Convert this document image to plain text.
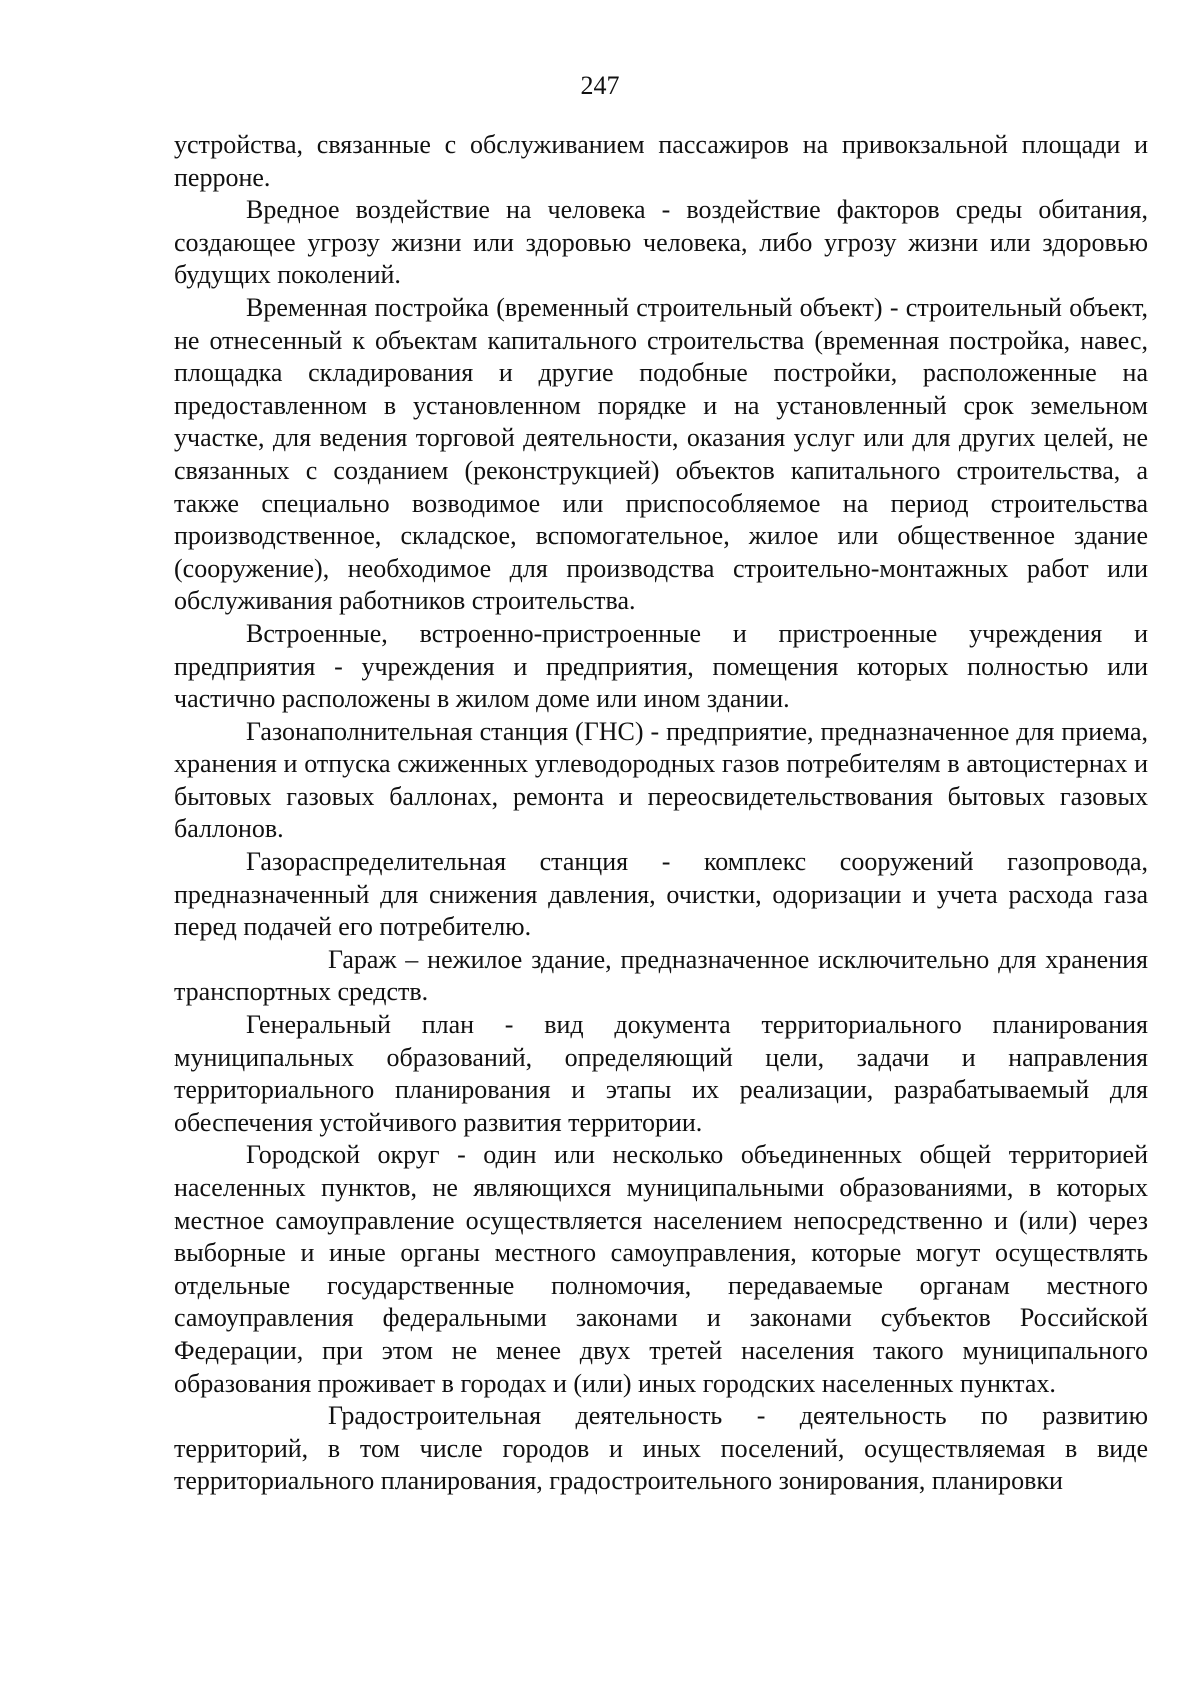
247

устройства, связанные с обслуживанием пассажиров на привокзальной площади и перроне.

Вредное воздействие на человека - воздействие факторов среды обитания, создающее угрозу жизни или здоровью человека, либо угрозу жизни или здоровью будущих поколений.

Временная постройка (временный строительный объект) - строительный объект, не отнесенный к объектам капитального строительства (временная постройка, навес, площадка складирования и другие подобные постройки, расположенные на предоставленном в установленном порядке и на установленный срок земельном участке, для ведения торговой деятельности, оказания услуг или для других целей, не связанных с созданием (реконструкцией) объектов капитального строительства, а также специально возводимое или приспособляемое на период строительства производственное, складское, вспомогательное, жилое или общественное здание (сооружение), необходимое для производства строительно-монтажных работ или обслуживания работников строительства.

Встроенные, встроенно-пристроенные и пристроенные учреждения и предприятия - учреждения и предприятия, помещения которых полностью или частично расположены в жилом доме или ином здании.

Газонаполнительная станция (ГНС) - предприятие, предназначенное для приема, хранения и отпуска сжиженных углеводородных газов потребителям в автоцистернах и бытовых газовых баллонах, ремонта и переосвидетельствования бытовых газовых баллонов.

Газораспределительная станция - комплекс сооружений газопровода, предназначенный для снижения давления, очистки, одоризации и учета расхода газа перед подачей его потребителю.

Гараж – нежилое здание, предназначенное исключительно для хранения транспортных средств.

Генеральный план - вид документа территориального планирования муниципальных образований, определяющий цели, задачи и направления территориального планирования и этапы их реализации, разрабатываемый для обеспечения устойчивого развития территории.

Городской округ - один или несколько объединенных общей территорией населенных пунктов, не являющихся муниципальными образованиями, в которых местное самоуправление осуществляется населением непосредственно и (или) через выборные и иные органы местного самоуправления, которые могут осуществлять отдельные государственные полномочия, передаваемые органам местного самоуправления федеральными законами и законами субъектов Российской Федерации, при этом не менее двух третей населения такого муниципального образования проживает в городах и (или) иных городских населенных пунктах.

Градостроительная деятельность - деятельность по развитию территорий, в том числе городов и иных поселений, осуществляемая в виде территориального планирования, градостроительного зонирования, планировки
